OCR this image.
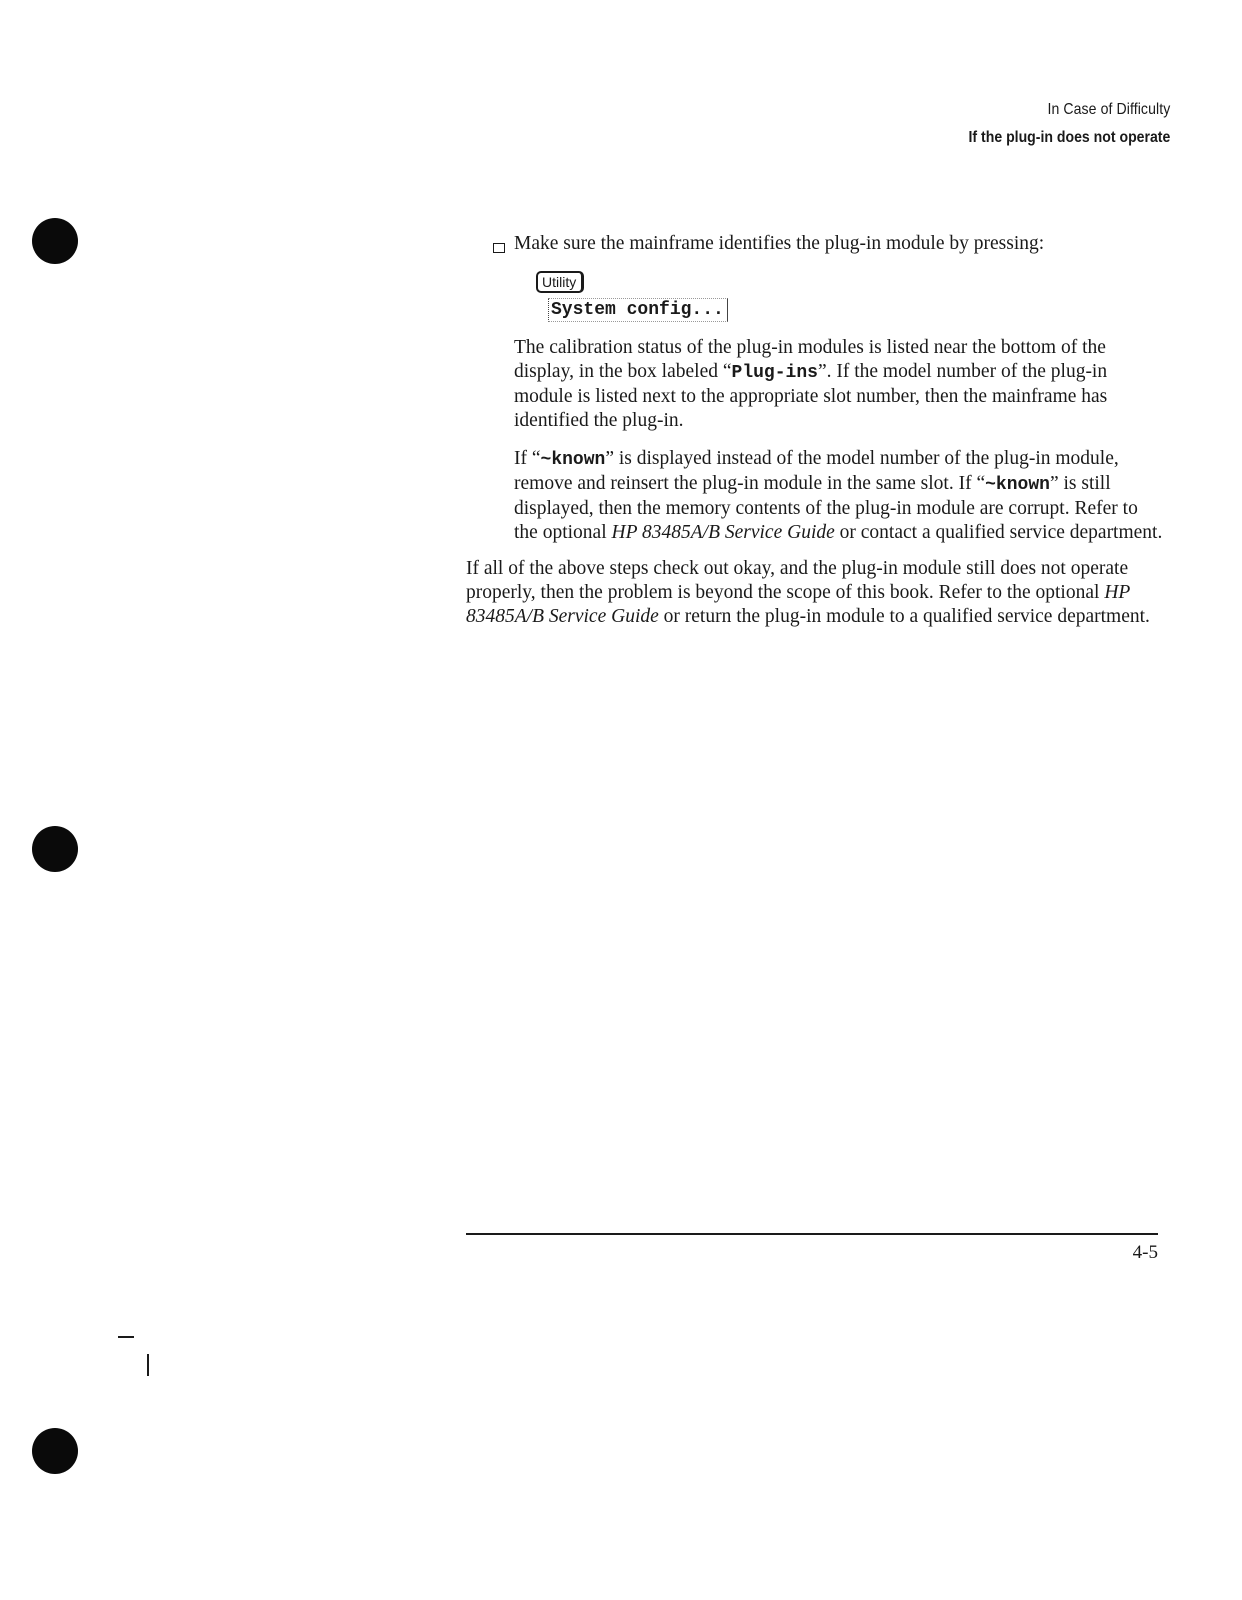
In Case of Difficulty
If the plug-in does not operate

Make sure the mainframe identifies the plug-in module by pressing:

Utility
System config...

The calibration status of the plug-in modules is listed near the bottom of the display, in the box labeled “Plug-ins”. If the model number of the plug-in module is listed next to the appropriate slot number, then the mainframe has identified the plug-in.

If “~known” is displayed instead of the model number of the plug-in module, remove and reinsert the plug-in module in the same slot. If “~known” is still displayed, then the memory contents of the plug-in module are corrupt. Refer to the optional HP 83485A/B Service Guide or contact a qualified service department.

If all of the above steps check out okay, and the plug-in module still does not operate properly, then the problem is beyond the scope of this book. Refer to the optional HP 83485A/B Service Guide or return the plug-in module to a qualified service department.

4-5
